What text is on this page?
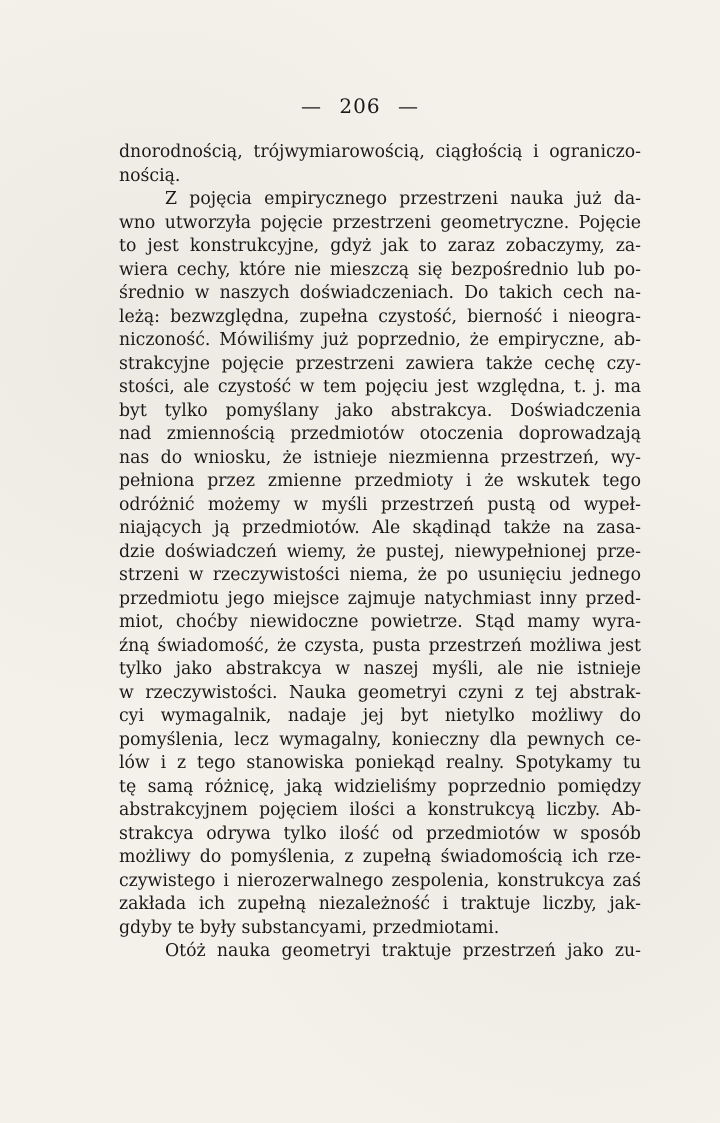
— 206 —
dnorodnością, trójwymiarowością, ciągłością i ograniczo-
nością.
Z pojęcia empirycznego przestrzeni nauka już da-
wno utworzyła pojęcie przestrzeni geometryczne. Pojęcie
to jest konstrukcyjne, gdyż jak to zaraz zobaczymy, za-
wiera cechy, które nie mieszczą się bezpośrednio lub po-
średnio w naszych doświadczeniach. Do takich cech na-
leżą: bezwzględna, zupełna czystość, bierność i nieogra-
niczoność. Mówiliśmy już poprzednio, że empiryczne, ab-
strakcyjne pojęcie przestrzeni zawiera także cechę czy-
stości, ale czystość w tem pojęciu jest względna, t. j. ma
byt tylko pomyślany jako abstrakcya. Doświadczenia
nad zmiennością przedmiotów otoczenia doprowadzają
nas do wniosku, że istnieje niezmienna przestrzeń, wy-
pełniona przez zmienne przedmioty i że wskutek tego
odróżnić możemy w myśli przestrzeń pustą od wypeł-
niających ją przedmiotów. Ale skądinąd także na zasa-
dzie doświadczeń wiemy, że pustej, niewypełnionej prze-
strzeni w rzeczywistości niema, że po usunięciu jednego
przedmiotu jego miejsce zajmuje natychmiast inny przed-
miot, choćby niewidoczne powietrze. Stąd mamy wyra-
źną świadomość, że czysta, pusta przestrzeń możliwa jest
tylko jako abstrakcya w naszej myśli, ale nie istnieje
w rzeczywistości. Nauka geometryi czyni z tej abstrak-
cyi wymagalnik, nadaje jej byt nietylko możliwy do
pomyślenia, lecz wymagalny, konieczny dla pewnych ce-
lów i z tego stanowiska poniekąd realny. Spotykamy tu
tę samą różnicę, jaką widzieliśmy poprzednio pomiędzy
abstrakcyjnem pojęciem ilości a konstrukcyą liczby. Ab-
strakcya odrywa tylko ilość od przedmiotów w sposób
możliwy do pomyślenia, z zupełną świadomością ich rze-
czywistego i nierozerwalnego zespolenia, konstrukcya zaś
zakłada ich zupełną niezależność i traktuje liczby, jak-
gdyby te były substancyami, przedmiotami.
Otóż nauka geometryi traktuje przestrzeń jako zu-
